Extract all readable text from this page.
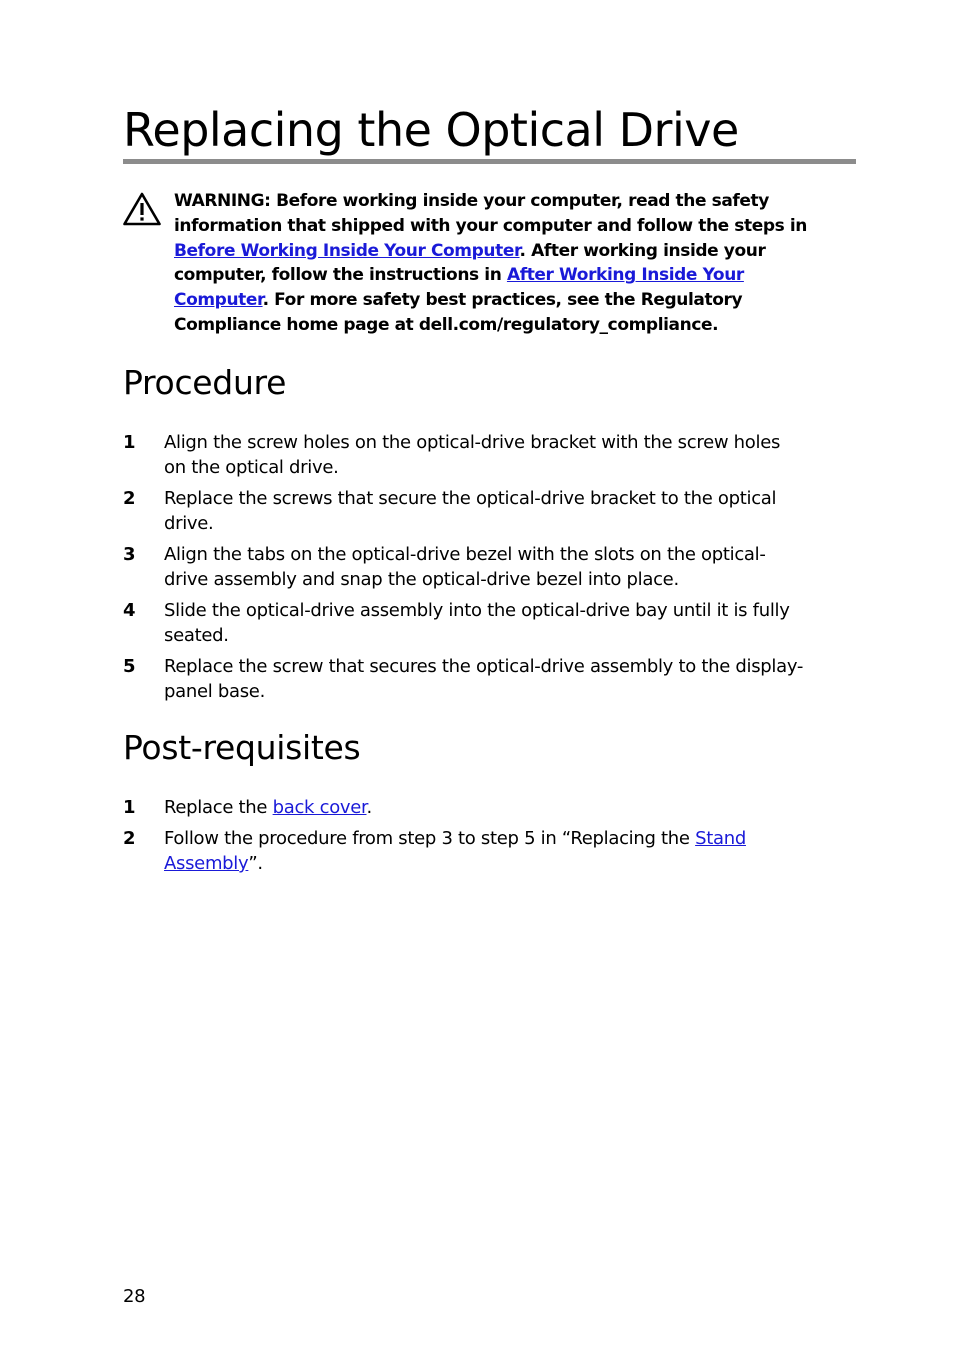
Replacing the Optical Drive
WARNING: Before working inside your computer, read the safety
information that shipped with your computer and follow the steps in
Before Working Inside Your Computer. After working inside your
computer, follow the instructions in After Working Inside Your
Computer. For more safety best practices, see the Regulatory
Compliance home page at dell.com/regulatory_compliance.
Procedure
1 Align the screw holes on the optical-drive bracket with the screw holes
on the optical drive.
2 Replace the screws that secure the optical-drive bracket to the optical
drive.
3 Align the tabs on the optical-drive bezel with the slots on the optical-
drive assembly and snap the optical-drive bezel into place.
4 Slide the optical-drive assembly into the optical-drive bay until it is fully
seated.
5 Replace the screw that secures the optical-drive assembly to the display-
panel base.
Post-requisites
1 Replace the back cover.
2 Follow the procedure from step 3 to step 5 in “Replacing the Stand
Assembly”.
28
